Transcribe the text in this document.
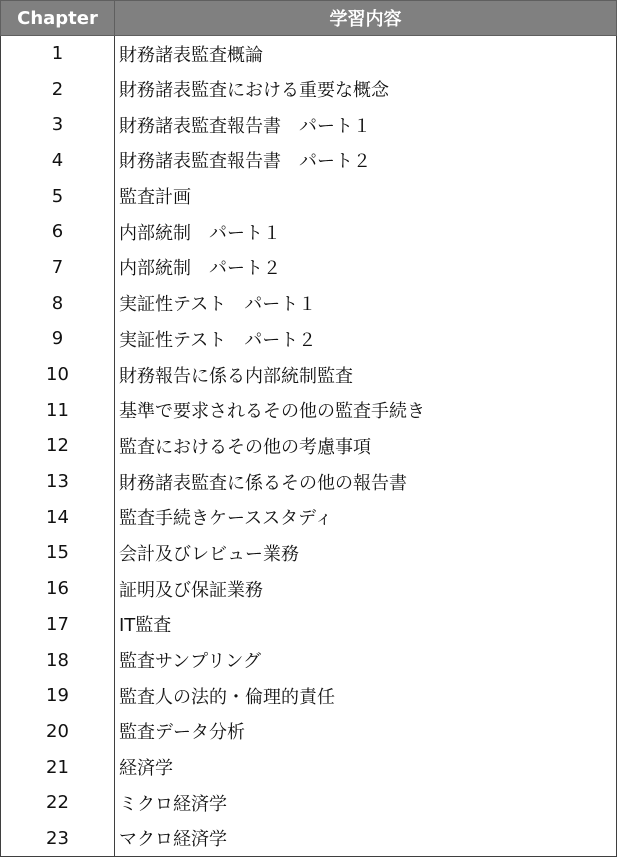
Chapter	学習内容
1	財務諸表監査概論
2	財務諸表監査における重要な概念
3	財務諸表監査報告書　パート１
4	財務諸表監査報告書　パート２
5	監査計画
6	内部統制　パート１
7	内部統制　パート２
8	実証性テスト　パート１
9	実証性テスト　パート２
10	財務報告に係る内部統制監査
11	基準で要求されるその他の監査手続き
12	監査におけるその他の考慮事項
13	財務諸表監査に係るその他の報告書
14	監査手続きケーススタディ
15	会計及びレビュー業務
16	証明及び保証業務
17	IT監査
18	監査サンプリング
19	監査人の法的・倫理的責任
20	監査データ分析
21	経済学
22	ミクロ経済学
23	マクロ経済学
